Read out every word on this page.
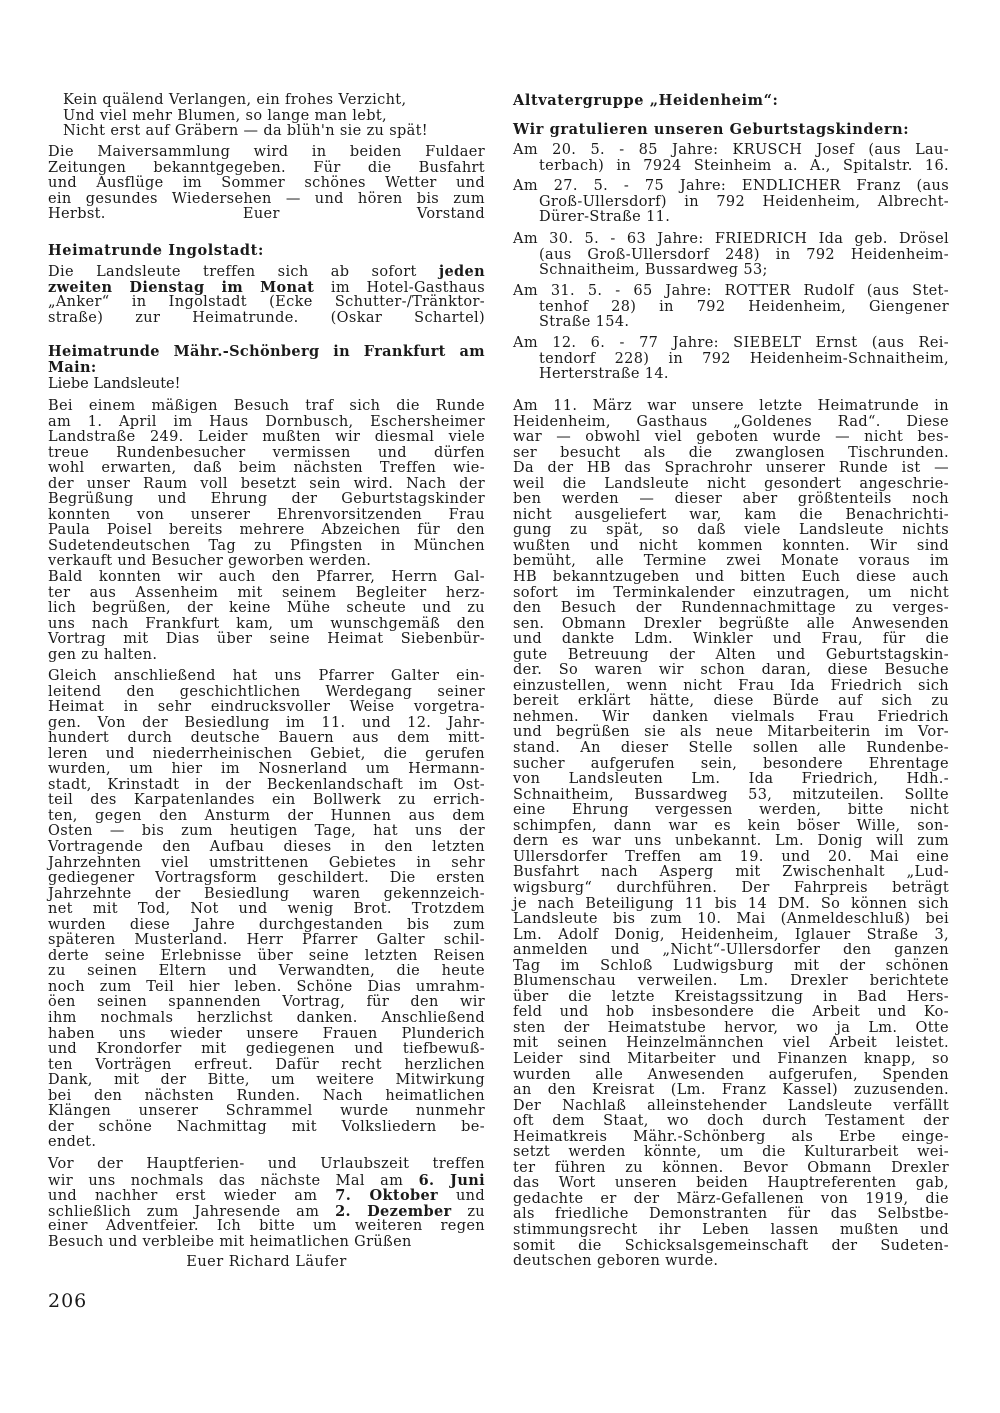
Kein quälend Verlangen, ein frohes Verzicht,
Und viel mehr Blumen, so lange man lebt,
Nicht erst auf Gräbern — da blüh'n sie zu spät!
Die Maiversammlung wird in beiden Fuldaer
Zeitungen bekanntgegeben. Für die Busfahrt
und Ausflüge im Sommer schönes Wetter und
ein gesundes Wiedersehen — und hören bis zum
Herbst. Euer Vorstand
Heimatrunde Ingolstadt:
Die Landsleute treffen sich ab sofort jeden
zweiten Dienstag im Monat im Hotel-Gasthaus
„Anker“ in Ingolstadt (Ecke Schutter-/Tränktor-
straße) zur Heimatrunde. (Oskar Schartel)
Heimatrunde Mähr.-Schönberg in Frankfurt am
Main:
Liebe Landsleute!
Bei einem mäßigen Besuch traf sich die Runde
am 1. April im Haus Dornbusch, Eschersheimer
Landstraße 249. Leider mußten wir diesmal viele
treue Rundenbesucher vermissen und dürfen
wohl erwarten, daß beim nächsten Treffen wie-
der unser Raum voll besetzt sein wird. Nach der
Begrüßung und Ehrung der Geburtstagskinder
konnten von unserer Ehrenvorsitzenden Frau
Paula Poisel bereits mehrere Abzeichen für den
Sudetendeutschen Tag zu Pfingsten in München
verkauft und Besucher geworben werden.
Bald konnten wir auch den Pfarrer, Herrn Gal-
ter aus Assenheim mit seinem Begleiter herz-
lich begrüßen, der keine Mühe scheute und zu
uns nach Frankfurt kam, um wunschgemäß den
Vortrag mit Dias über seine Heimat Siebenbür-
gen zu halten.
Gleich anschließend hat uns Pfarrer Galter ein-
leitend den geschichtlichen Werdegang seiner
Heimat in sehr eindrucksvoller Weise vorgetra-
gen. Von der Besiedlung im 11. und 12. Jahr-
hundert durch deutsche Bauern aus dem mitt-
leren und niederrheinischen Gebiet, die gerufen
wurden, um hier im Nosnerland um Hermann-
stadt, Krinstadt in der Beckenlandschaft im Ost-
teil des Karpatenlandes ein Bollwerk zu errich-
ten, gegen den Ansturm der Hunnen aus dem
Osten — bis zum heutigen Tage, hat uns der
Vortragende den Aufbau dieses in den letzten
Jahrzehnten viel umstrittenen Gebietes in sehr
gediegener Vortragsform geschildert. Die ersten
Jahrzehnte der Besiedlung waren gekennzeich-
net mit Tod, Not und wenig Brot. Trotzdem
wurden diese Jahre durchgestanden bis zum
späteren Musterland. Herr Pfarrer Galter schil-
derte seine Erlebnisse über seine letzten Reisen
zu seinen Eltern und Verwandten, die heute
noch zum Teil hier leben. Schöne Dias umrahm-
öen seinen spannenden Vortrag, für den wir
ihm nochmals herzlichst danken. Anschließend
haben uns wieder unsere Frauen Plunderich
und Krondorfer mit gediegenen und tiefbewuß-
ten Vorträgen erfreut. Dafür recht herzlichen
Dank, mit der Bitte, um weitere Mitwirkung
bei den nächsten Runden. Nach heimatlichen
Klängen unserer Schrammel wurde nunmehr
der schöne Nachmittag mit Volksliedern be-
endet.
Vor der Hauptferien- und Urlaubszeit treffen
wir uns nochmals das nächste Mal am 6. Juni
und nachher erst wieder am 7. Oktober und
schließlich zum Jahresende am 2. Dezember zu
einer Adventfeier. Ich bitte um weiteren regen
Besuch und verbleibe mit heimatlichen Grüßen
Euer Richard Läufer
206
Altvatergruppe „Heidenheim“:
Wir gratulieren unseren Geburtstagskindern:
Am 20. 5. - 85 Jahre: KRUSCH Josef (aus Lau-
terbach) in 7924 Steinheim a. A., Spitalstr. 16.
Am 27. 5. - 75 Jahre: ENDLICHER Franz (aus
Groß-Ullersdorf) in 792 Heidenheim, Albrecht-
Dürer-Straße 11.
Am 30. 5. - 63 Jahre: FRIEDRICH Ida geb. Drösel
(aus Groß-Ullersdorf 248) in 792 Heidenheim-
Schnaitheim, Bussardweg 53;
Am 31. 5. - 65 Jahre: ROTTER Rudolf (aus Stet-
tenhof 28) in 792 Heidenheim, Giengener
Straße 154.
Am 12. 6. - 77 Jahre: SIEBELT Ernst (aus Rei-
tendorf 228) in 792 Heidenheim-Schnaitheim,
Herterstraße 14.
Am 11. März war unsere letzte Heimatrunde in
Heidenheim, Gasthaus „Goldenes Rad“. Diese
war — obwohl viel geboten wurde — nicht bes-
ser besucht als die zwanglosen Tischrunden.
Da der HB das Sprachrohr unserer Runde ist —
weil die Landsleute nicht gesondert angeschrie-
ben werden — dieser aber größtenteils noch
nicht ausgeliefert war, kam die Benachrichti-
gung zu spät, so daß viele Landsleute nichts
wußten und nicht kommen konnten. Wir sind
bemüht, alle Termine zwei Monate voraus im
HB bekanntzugeben und bitten Euch diese auch
sofort im Terminkalender einzutragen, um nicht
den Besuch der Rundennachmittage zu verges-
sen. Obmann Drexler begrüßte alle Anwesenden
und dankte Ldm. Winkler und Frau, für die
gute Betreuung der Alten und Geburtstagskin-
der. So waren wir schon daran, diese Besuche
einzustellen, wenn nicht Frau Ida Friedrich sich
bereit erklärt hätte, diese Bürde auf sich zu
nehmen. Wir danken vielmals Frau Friedrich
und begrüßen sie als neue Mitarbeiterin im Vor-
stand. An dieser Stelle sollen alle Rundenbe-
sucher aufgerufen sein, besondere Ehrentage
von Landsleuten Lm. Ida Friedrich, Hdh.-
Schnaitheim, Bussardweg 53, mitzuteilen. Sollte
eine Ehrung vergessen werden, bitte nicht
schimpfen, dann war es kein böser Wille, son-
dern es war uns unbekannt. Lm. Donig will zum
Ullersdorfer Treffen am 19. und 20. Mai eine
Busfahrt nach Asperg mit Zwischenhalt „Lud-
wigsburg“ durchführen. Der Fahrpreis beträgt
je nach Beteiligung 11 bis 14 DM. So können sich
Landsleute bis zum 10. Mai (Anmeldeschluß) bei
Lm. Adolf Donig, Heidenheim, Iglauer Straße 3,
anmelden und „Nicht“-Ullersdorfer den ganzen
Tag im Schloß Ludwigsburg mit der schönen
Blumenschau verweilen. Lm. Drexler berichtete
über die letzte Kreistagssitzung in Bad Hers-
feld und hob insbesondere die Arbeit und Ko-
sten der Heimatstube hervor, wo ja Lm. Otte
mit seinen Heinzelmännchen viel Arbeit leistet.
Leider sind Mitarbeiter und Finanzen knapp, so
wurden alle Anwesenden aufgerufen, Spenden
an den Kreisrat (Lm. Franz Kassel) zuzusenden.
Der Nachlaß alleinstehender Landsleute verfällt
oft dem Staat, wo doch durch Testament der
Heimatkreis Mähr.-Schönberg als Erbe einge-
setzt werden könnte, um die Kulturarbeit wei-
ter führen zu können. Bevor Obmann Drexler
das Wort unseren beiden Hauptreferenten gab,
gedachte er der März-Gefallenen von 1919, die
als friedliche Demonstranten für das Selbstbe-
stimmungsrecht ihr Leben lassen mußten und
somit die Schicksalsgemeinschaft der Sudeten-
deutschen geboren wurde.
